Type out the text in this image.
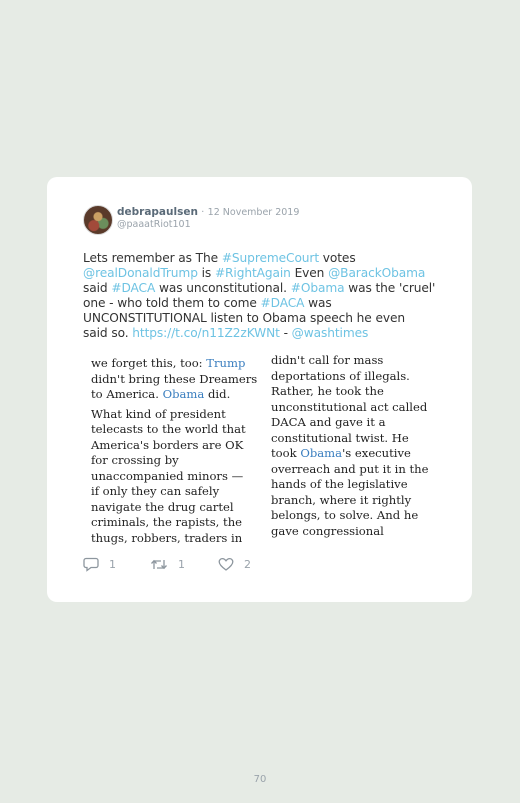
debrapaulsen · 12 November 2019
@paaatRiot101
Lets remember as The #SupremeCourt votes
@realDonaldTrump is #RightAgain Even @BarackObama
said #DACA was unconstitutional. #Obama was the 'cruel'
one - who told them to come #DACA was
UNCONSTITUTIONAL listen to Obama speech he even
said so. https://t.co/n11Z2zKWNt - @washtimes
we forget this, too: Trump
didn't bring these Dreamers
to America. Obama did.
What kind of president
telecasts to the world that
America's borders are OK
for crossing by
unaccompanied minors —
if only they can safely
navigate the drug cartel
criminals, the rapists, the
thugs, robbers, traders in
didn't call for mass
deportations of illegals.
Rather, he took the
unconstitutional act called
DACA and gave it a
constitutional twist. He
took Obama's executive
overreach and put it in the
hands of the legislative
branch, where it rightly
belongs, to solve. And he
gave congressional
1	1	2
70
